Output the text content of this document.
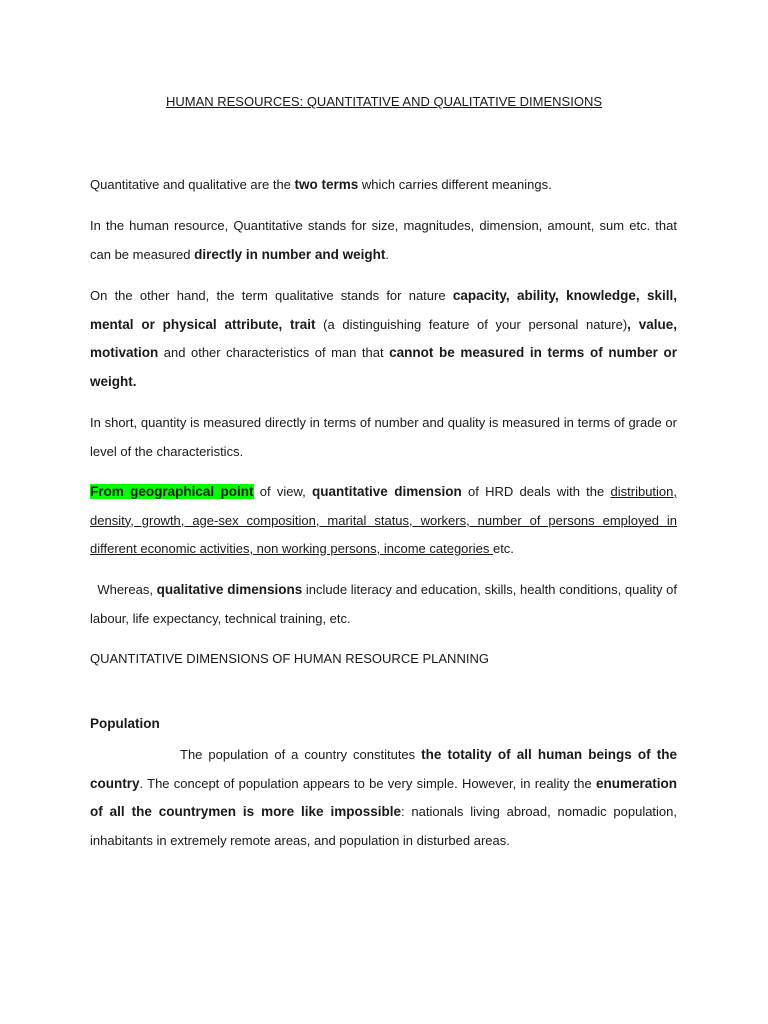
HUMAN RESOURCES: QUANTITATIVE AND QUALITATIVE DIMENSIONS

Quantitative and qualitative are the two terms which carries different meanings.

In the human resource, Quantitative stands for size, magnitudes, dimension, amount, sum etc. that can be measured directly in number and weight.

On the other hand, the term qualitative stands for nature capacity, ability, knowledge, skill, mental or physical attribute, trait (a distinguishing feature of your personal nature), value, motivation and other characteristics of man that cannot be measured in terms of number or weight.

In short, quantity is measured directly in terms of number and quality is measured in terms of grade or level of the characteristics.

From geographical point of view, quantitative dimension of HRD deals with the distribution, density, growth, age-sex composition, marital status, workers, number of persons employed in different economic activities, non working persons, income categories etc.

Whereas, qualitative dimensions include literacy and education, skills, health conditions, quality of labour, life expectancy, technical training, etc.

QUANTITATIVE DIMENSIONS OF HUMAN RESOURCE PLANNING
Population

The population of a country constitutes the totality of all human beings of the country. The concept of population appears to be very simple. However, in reality the enumeration of all the countrymen is more like impossible: nationals living abroad, nomadic population, inhabitants in extremely remote areas, and population in disturbed areas.
